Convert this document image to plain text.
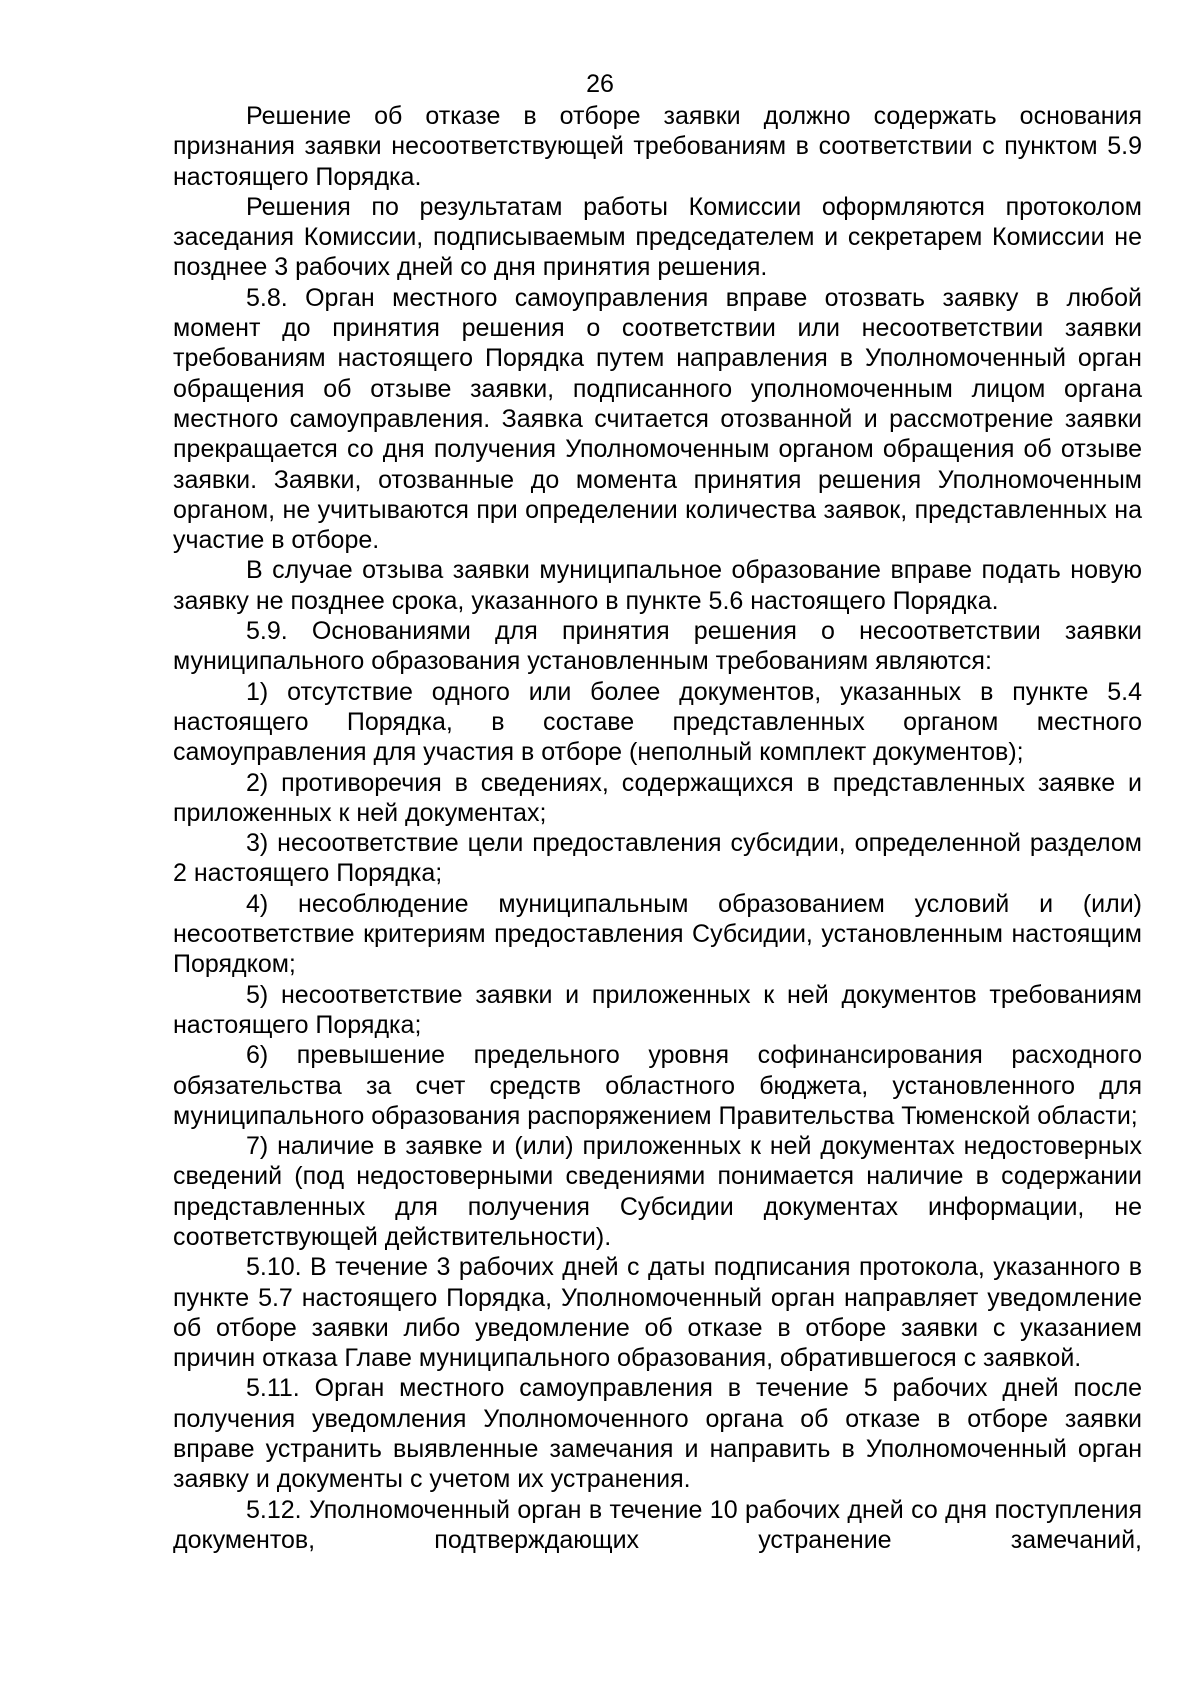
26

Решение об отказе в отборе заявки должно содержать основания признания заявки несоответствующей требованиям в соответствии с пунктом 5.9 настоящего Порядка.

Решения по результатам работы Комиссии оформляются протоколом заседания Комиссии, подписываемым председателем и секретарем Комиссии не позднее 3 рабочих дней со дня принятия решения.

5.8. Орган местного самоуправления вправе отозвать заявку в любой момент до принятия решения о соответствии или несоответствии заявки требованиям настоящего Порядка путем направления в Уполномоченный орган обращения об отзыве заявки, подписанного уполномоченным лицом органа местного самоуправления. Заявка считается отозванной и рассмотрение заявки прекращается со дня получения Уполномоченным органом обращения об отзыве заявки. Заявки, отозванные до момента принятия решения Уполномоченным органом, не учитываются при определении количества заявок, представленных на участие в отборе.

В случае отзыва заявки муниципальное образование вправе подать новую заявку не позднее срока, указанного в пункте 5.6 настоящего Порядка.

5.9. Основаниями для принятия решения о несоответствии заявки муниципального образования установленным требованиям являются:

1) отсутствие одного или более документов, указанных в пункте 5.4 настоящего Порядка, в составе представленных органом местного самоуправления для участия в отборе (неполный комплект документов);

2) противоречия в сведениях, содержащихся в представленных заявке и приложенных к ней документах;

3) несоответствие цели предоставления субсидии, определенной разделом 2 настоящего Порядка;

4) несоблюдение муниципальным образованием условий и (или) несоответствие критериям предоставления Субсидии, установленным настоящим Порядком;

5) несоответствие заявки и приложенных к ней документов требованиям настоящего Порядка;

6) превышение предельного уровня софинансирования расходного обязательства за счет средств областного бюджета, установленного для муниципального образования распоряжением Правительства Тюменской области;

7) наличие в заявке и (или) приложенных к ней документах недостоверных сведений (под недостоверными сведениями понимается наличие в содержании представленных для получения Субсидии документах информации, не соответствующей действительности).

5.10. В течение 3 рабочих дней с даты подписания протокола, указанного в пункте 5.7 настоящего Порядка, Уполномоченный орган направляет уведомление об отборе заявки либо уведомление об отказе в отборе заявки с указанием причин отказа Главе муниципального образования, обратившегося с заявкой.

5.11. Орган местного самоуправления в течение 5 рабочих дней после получения уведомления Уполномоченного органа об отказе в отборе заявки вправе устранить выявленные замечания и направить в Уполномоченный орган заявку и документы с учетом их устранения.

5.12. Уполномоченный орган в течение 10 рабочих дней со дня поступления документов, подтверждающих устранение замечаний,
